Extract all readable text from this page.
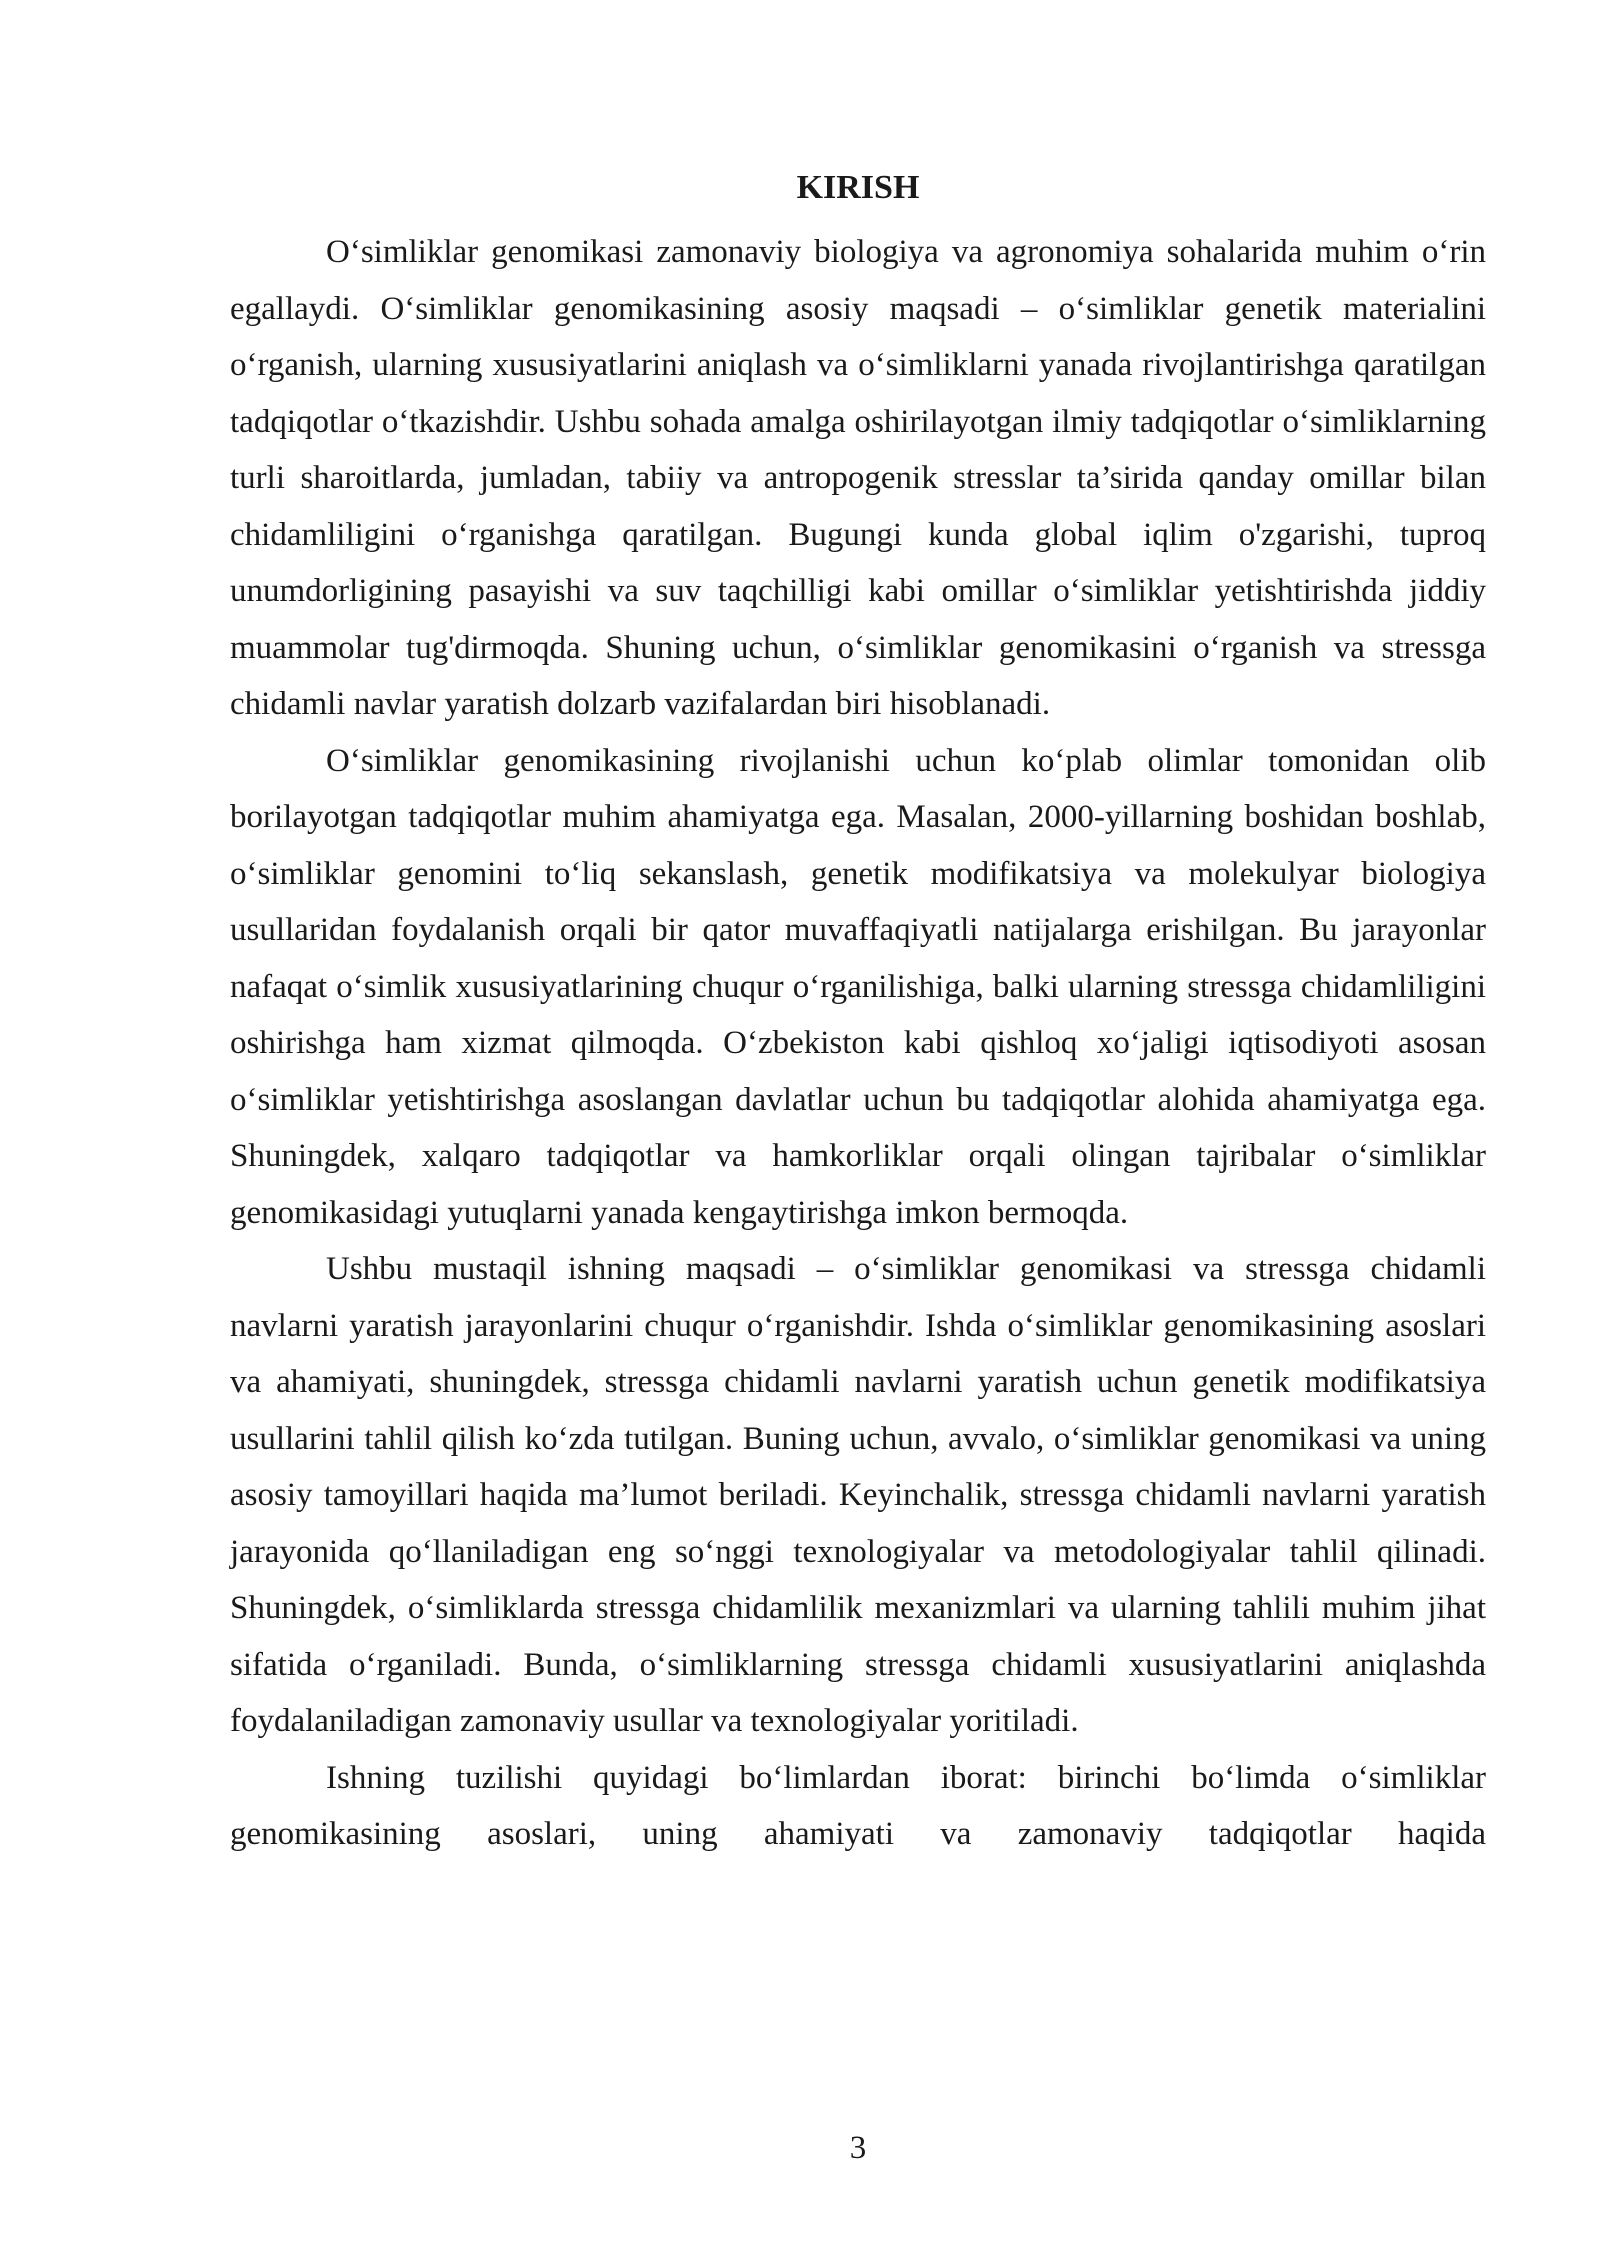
KIRISH

O‘simliklar genomikasi zamonaviy biologiya va agronomiya sohalarida muhim o‘rin egallaydi. O‘simliklar genomikasining asosiy maqsadi – o‘simliklar genetik materialini o‘rganish, ularning xususiyatlarini aniqlash va o‘simliklarni yanada rivojlantirishga qaratilgan tadqiqotlar o‘tkazishdir. Ushbu sohada amalga oshirilayotgan ilmiy tadqiqotlar o‘simliklarning turli sharoitlarda, jumladan, tabiiy va antropogenik stresslar ta’sirida qanday omillar bilan chidamliligini o‘rganishga qaratilgan. Bugungi kunda global iqlim o'zgarishi, tuproq unumdorligining pasayishi va suv taqchilligi kabi omillar o‘simliklar yetishtirishda jiddiy muammolar tug'dirmoqda. Shuning uchun, o‘simliklar genomikasini o‘rganish va stressga chidamli navlar yaratish dolzarb vazifalardan biri hisoblanadi.

O‘simliklar genomikasining rivojlanishi uchun ko‘plab olimlar tomonidan olib borilayotgan tadqiqotlar muhim ahamiyatga ega. Masalan, 2000-yillarning boshidan boshlab, o‘simliklar genomini to‘liq sekanslash, genetik modifikatsiya va molekulyar biologiya usullaridan foydalanish orqali bir qator muvaffaqiyatli natijalarga erishilgan. Bu jarayonlar nafaqat o‘simlik xususiyatlarining chuqur o‘rganilishiga, balki ularning stressga chidamliligini oshirishga ham xizmat qilmoqda. O‘zbekiston kabi qishloq xo‘jaligi iqtisodiyoti asosan o‘simliklar yetishtirishga asoslangan davlatlar uchun bu tadqiqotlar alohida ahamiyatga ega. Shuningdek, xalqaro tadqiqotlar va hamkorliklar orqali olingan tajribalar o‘simliklar genomikasidagi yutuqlarni yanada kengaytirishga imkon bermoqda.

Ushbu mustaqil ishning maqsadi – o‘simliklar genomikasi va stressga chidamli navlarni yaratish jarayonlarini chuqur o‘rganishdir. Ishda o‘simliklar genomikasining asoslari va ahamiyati, shuningdek, stressga chidamli navlarni yaratish uchun genetik modifikatsiya usullarini tahlil qilish ko‘zda tutilgan. Buning uchun, avvalo, o‘simliklar genomikasi va uning asosiy tamoyillari haqida ma’lumot beriladi. Keyinchalik, stressga chidamli navlarni yaratish jarayonida qo‘llaniladigan eng so‘nggi texnologiyalar va metodologiyalar tahlil qilinadi. Shuningdek, o‘simliklarda stressga chidamlilik mexanizmlari va ularning tahlili muhim jihat sifatida o‘rganiladi. Bunda, o‘simliklarning stressga chidamli xususiyatlarini aniqlashda foydalaniladigan zamonaviy usullar va texnologiyalar yoritiladi.

Ishning tuzilishi quyidagi bo‘limlardan iborat: birinchi bo‘limda o‘simliklar genomikasining asoslari, uning ahamiyati va zamonaviy tadqiqotlar haqida

3
